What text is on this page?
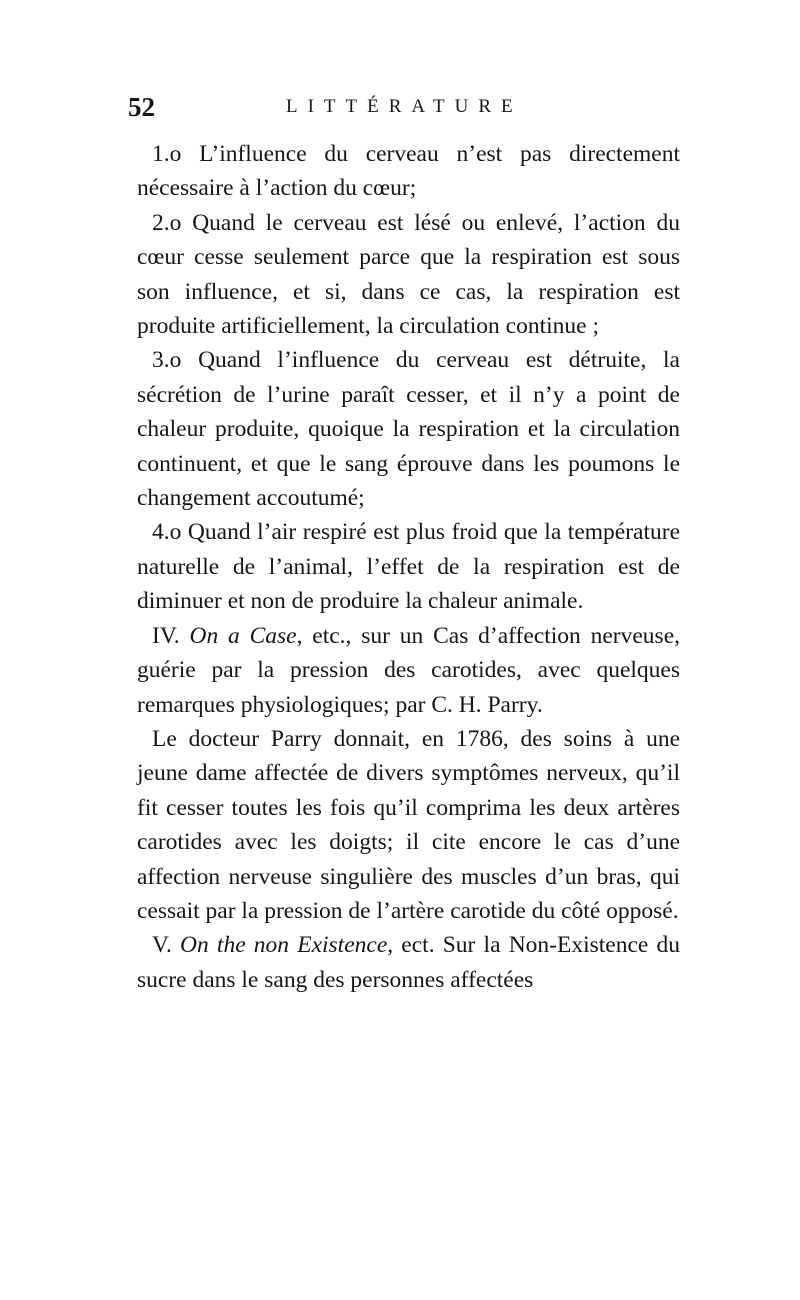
52	LITTÉRATURE

1.o L’influence du cerveau n’est pas directement nécessaire à l’action du cœur;

2.o Quand le cerveau est lésé ou enlevé, l’action du cœur cesse seulement parce que la respiration est sous son influence, et si, dans ce cas, la respiration est produite artificiellement, la circulation continue ;

3.o Quand l’influence du cerveau est détruite, la sécrétion de l’urine paraît cesser, et il n’y a point de chaleur produite, quoique la respiration et la circulation continuent, et que le sang éprouve dans les poumons le changement accoutumé;

4.o Quand l’air respiré est plus froid que la température naturelle de l’animal, l’effet de la respiration est de diminuer et non de produire la chaleur animale.

IV. On a Case, etc., sur un Cas d’affection nerveuse, guérie par la pression des carotides, avec quelques remarques physiologiques; par C. H. Parry.

Le docteur Parry donnait, en 1786, des soins à une jeune dame affectée de divers symptômes nerveux, qu’il fit cesser toutes les fois qu’il comprima les deux artères carotides avec les doigts; il cite encore le cas d’une affection nerveuse singulière des muscles d’un bras, qui cessait par la pression de l’artère carotide du côté opposé.

V. On the non Existence, ect. Sur la Non-Existence du sucre dans le sang des personnes affectées
